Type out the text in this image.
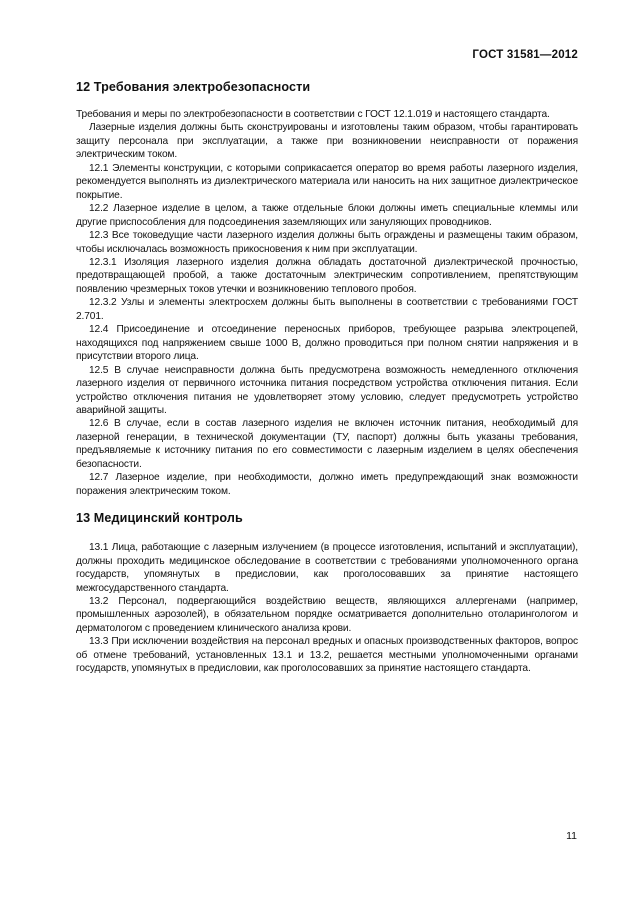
ГОСТ 31581—2012
12 Требования электробезопасности

Требования и меры по электробезопасности в соответствии с ГОСТ 12.1.019 и настоящего стандарта.

Лазерные изделия должны быть сконструированы и изготовлены таким образом, чтобы гарантировать защиту персонала при эксплуатации, а также при возникновении неисправности от поражения электрическим током.

12.1 Элементы конструкции, с которыми соприкасается оператор во время работы лазерного изделия, рекомендуется выполнять из диэлектрического материала или наносить на них защитное диэлектрическое покрытие.

12.2 Лазерное изделие в целом, а также отдельные блоки должны иметь специальные клеммы или другие приспособления для подсоединения заземляющих или зануляющих проводников.

12.3 Все токоведущие части лазерного изделия должны быть ограждены и размещены таким образом, чтобы исключалась возможность прикосновения к ним при эксплуатации.

12.3.1 Изоляция лазерного изделия должна обладать достаточной диэлектрической прочностью, предотвращающей пробой, а также достаточным электрическим сопротивлением, препятствующим появлению чрезмерных токов утечки и возникновению теплового пробоя.

12.3.2 Узлы и элементы электросхем должны быть выполнены в соответствии с требованиями ГОСТ 2.701.

12.4 Присоединение и отсоединение переносных приборов, требующее разрыва электроцепей, находящихся под напряжением свыше 1000 В, должно проводиться при полном снятии напряжения и в присутствии второго лица.

12.5 В случае неисправности должна быть предусмотрена возможность немедленного отключения лазерного изделия от первичного источника питания посредством устройства отключения питания. Если устройство отключения питания не удовлетворяет этому условию, следует предусмотреть устройство аварийной защиты.

12.6 В случае, если в состав лазерного изделия не включен источник питания, необходимый для лазерной генерации, в технической документации (ТУ, паспорт) должны быть указаны требования, предъявляемые к источнику питания по его совместимости с лазерным изделием в целях обеспечения безопасности.

12.7 Лазерное изделие, при необходимости, должно иметь предупреждающий знак возможности поражения электрическим током.

13 Медицинский контроль

13.1 Лица, работающие с лазерным излучением (в процессе изготовления, испытаний и эксплуатации), должны проходить медицинское обследование в соответствии с требованиями уполномоченного органа государств, упомянутых в предисловии, как проголосовавших за принятие настоящего межгосударственного стандарта.

13.2 Персонал, подвергающийся воздействию веществ, являющихся аллергенами (например, промышленных аэрозолей), в обязательном порядке осматривается дополнительно отоларингологом и дерматологом с проведением клинического анализа крови.

13.3 При исключении воздействия на персонал вредных и опасных производственных факторов, вопрос об отмене требований, установленных 13.1 и 13.2, решается местными уполномоченными органами государств, упомянутых в предисловии, как проголосовавших за принятие настоящего стандарта.

11
